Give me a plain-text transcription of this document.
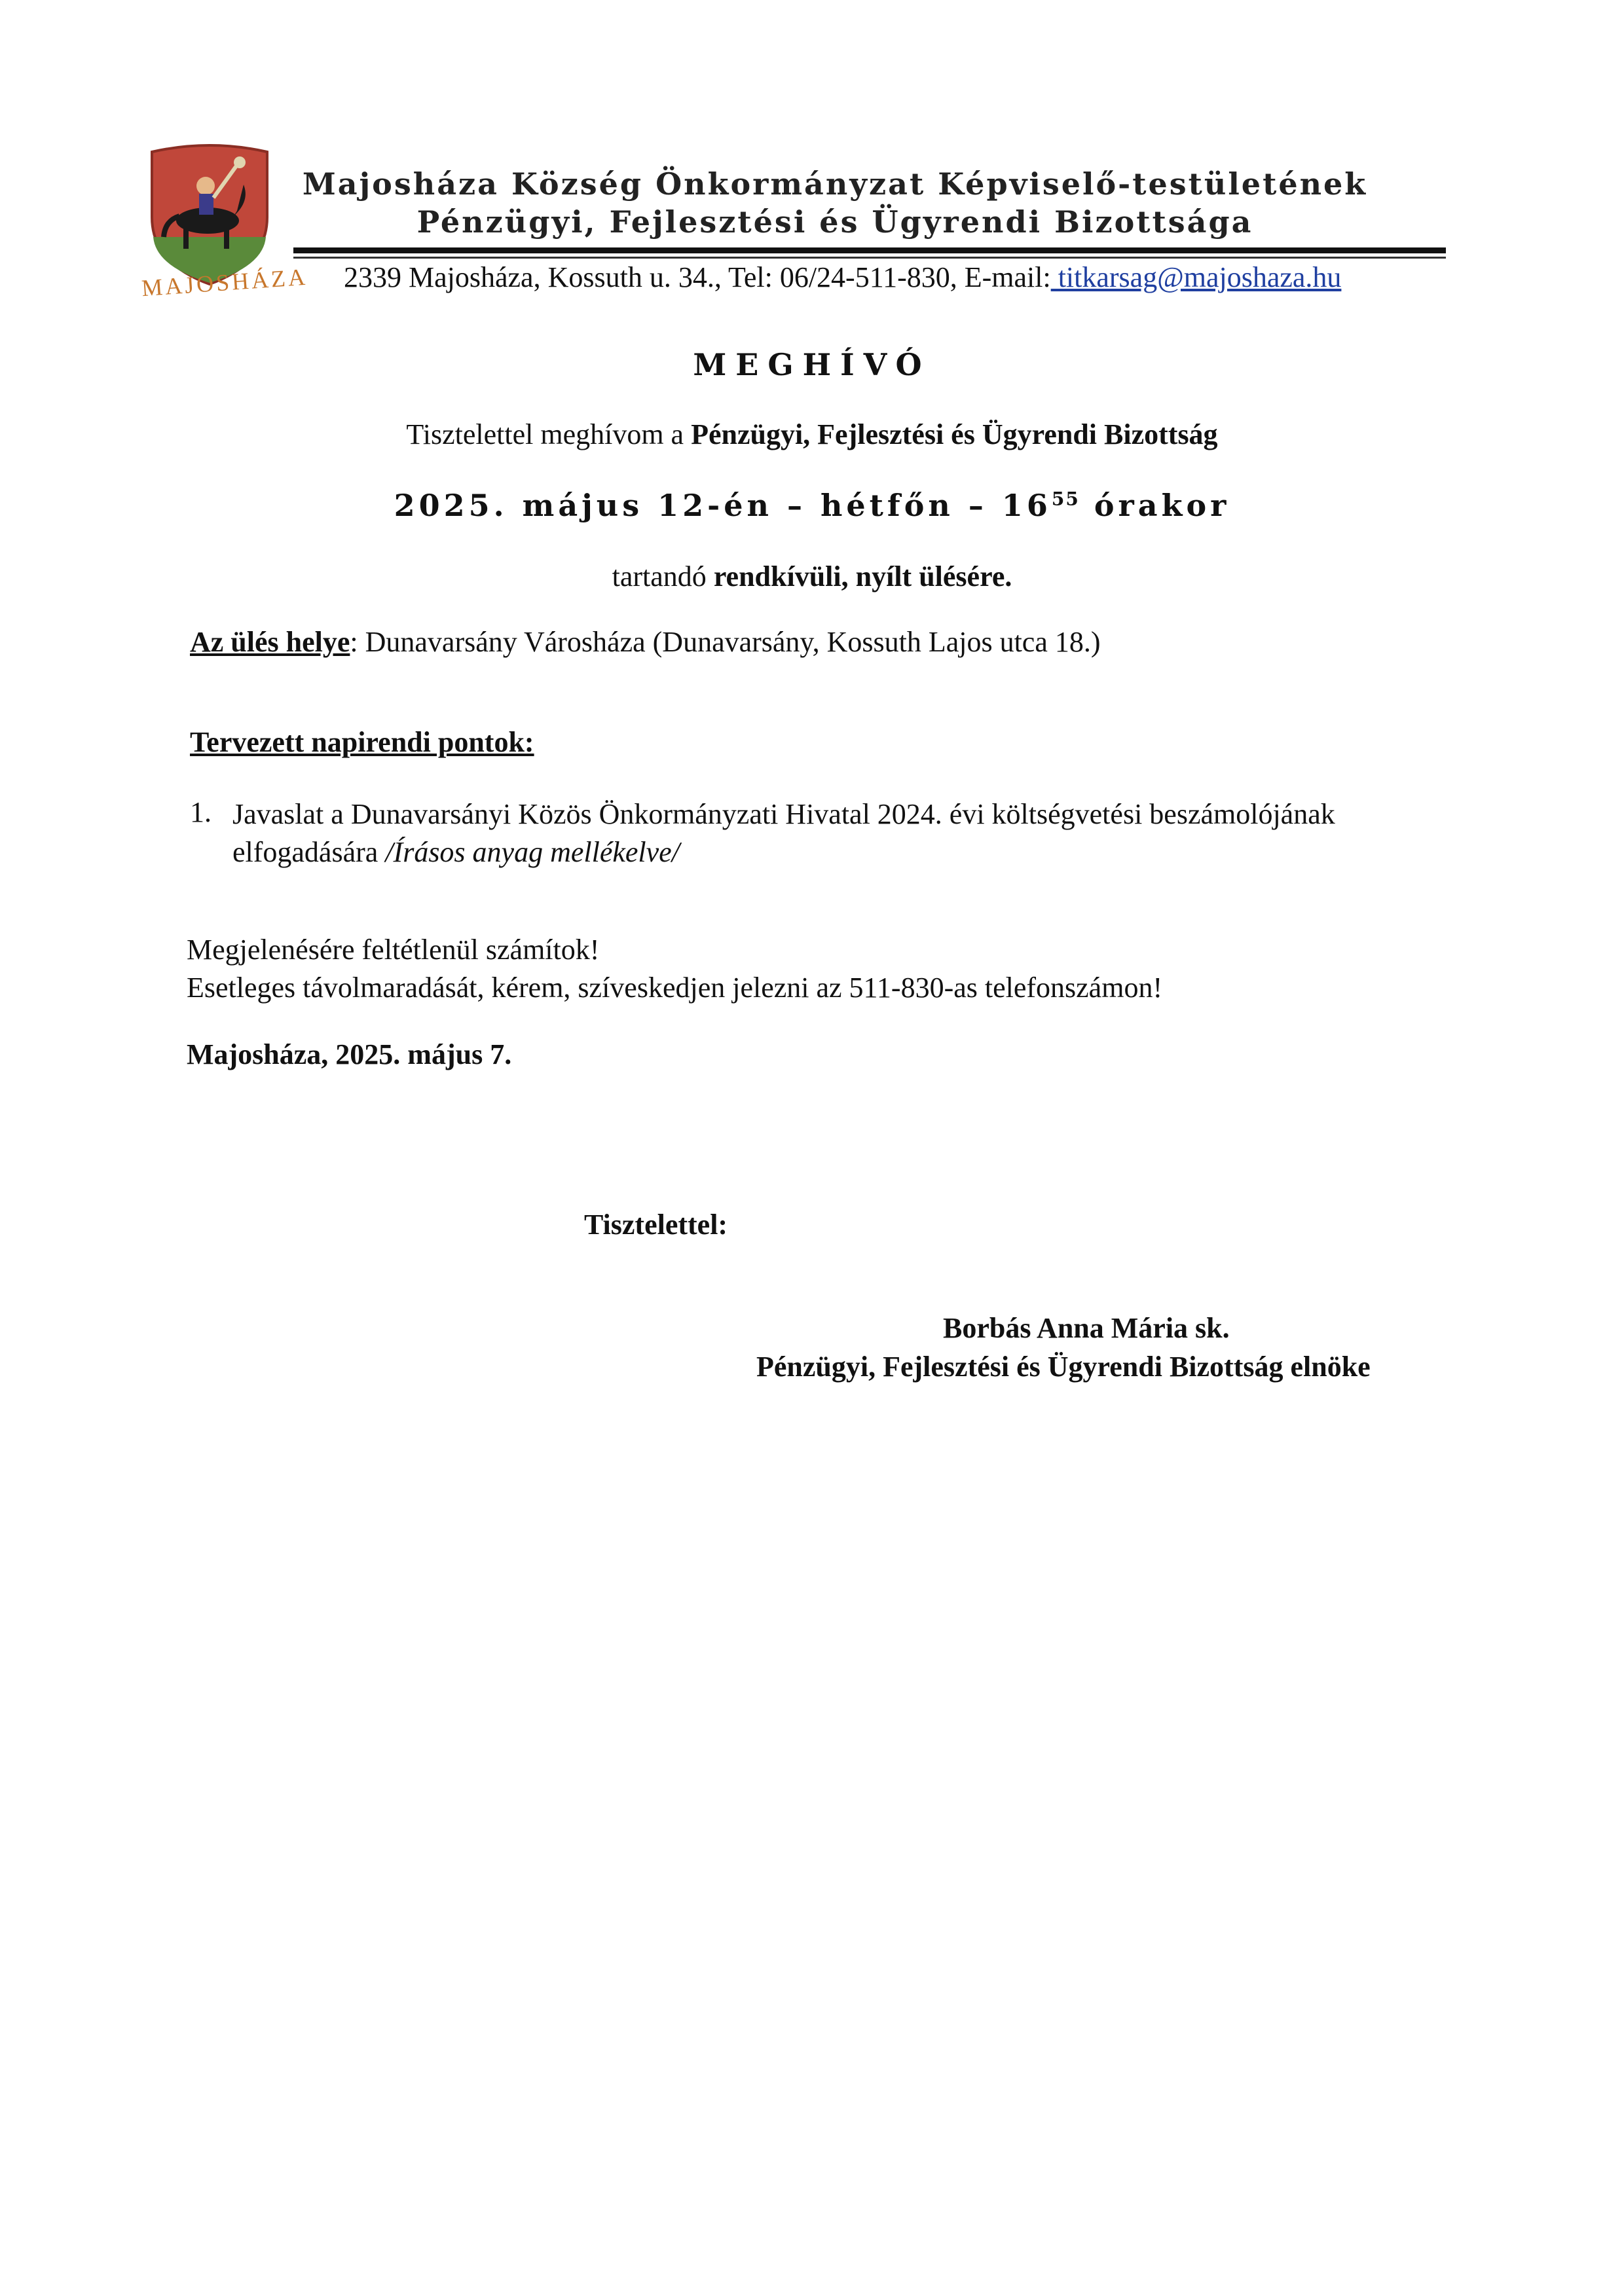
MAJOSHÁZA
Majosháza Község Önkormányzat Képviselő-testületének
Pénzügyi, Fejlesztési és Ügyrendi Bizottsága
2339 Majosháza, Kossuth u. 34., Tel: 06/24-511-830, E-mail: titkarsag@majoshaza.hu
MEGHÍVÓ
Tisztelettel meghívom a Pénzügyi, Fejlesztési és Ügyrendi Bizottság
2025. május 12-én – hétfőn – $16^{55}$ órakor
tartandó rendkívüli, nyílt ülésére.
Az ülés helye: Dunavarsány Városháza (Dunavarsány, Kossuth Lajos utca 18.)
Tervezett napirendi pontok:
1. Javaslat a Dunavarsányi Közös Önkormányzati Hivatal 2024. évi költségvetési beszámolójának
elfogadására /Írásos anyag mellékelve/
Megjelenésére feltétlenül számítok!
Esetleges távolmaradását, kérem, szíveskedjen jelezni az 511-830-as telefonszámon!
Majosháza, 2025. május 7.
Tisztelettel:
Borbás Anna Mária sk.
Pénzügyi, Fejlesztési és Ügyrendi Bizottság elnöke
